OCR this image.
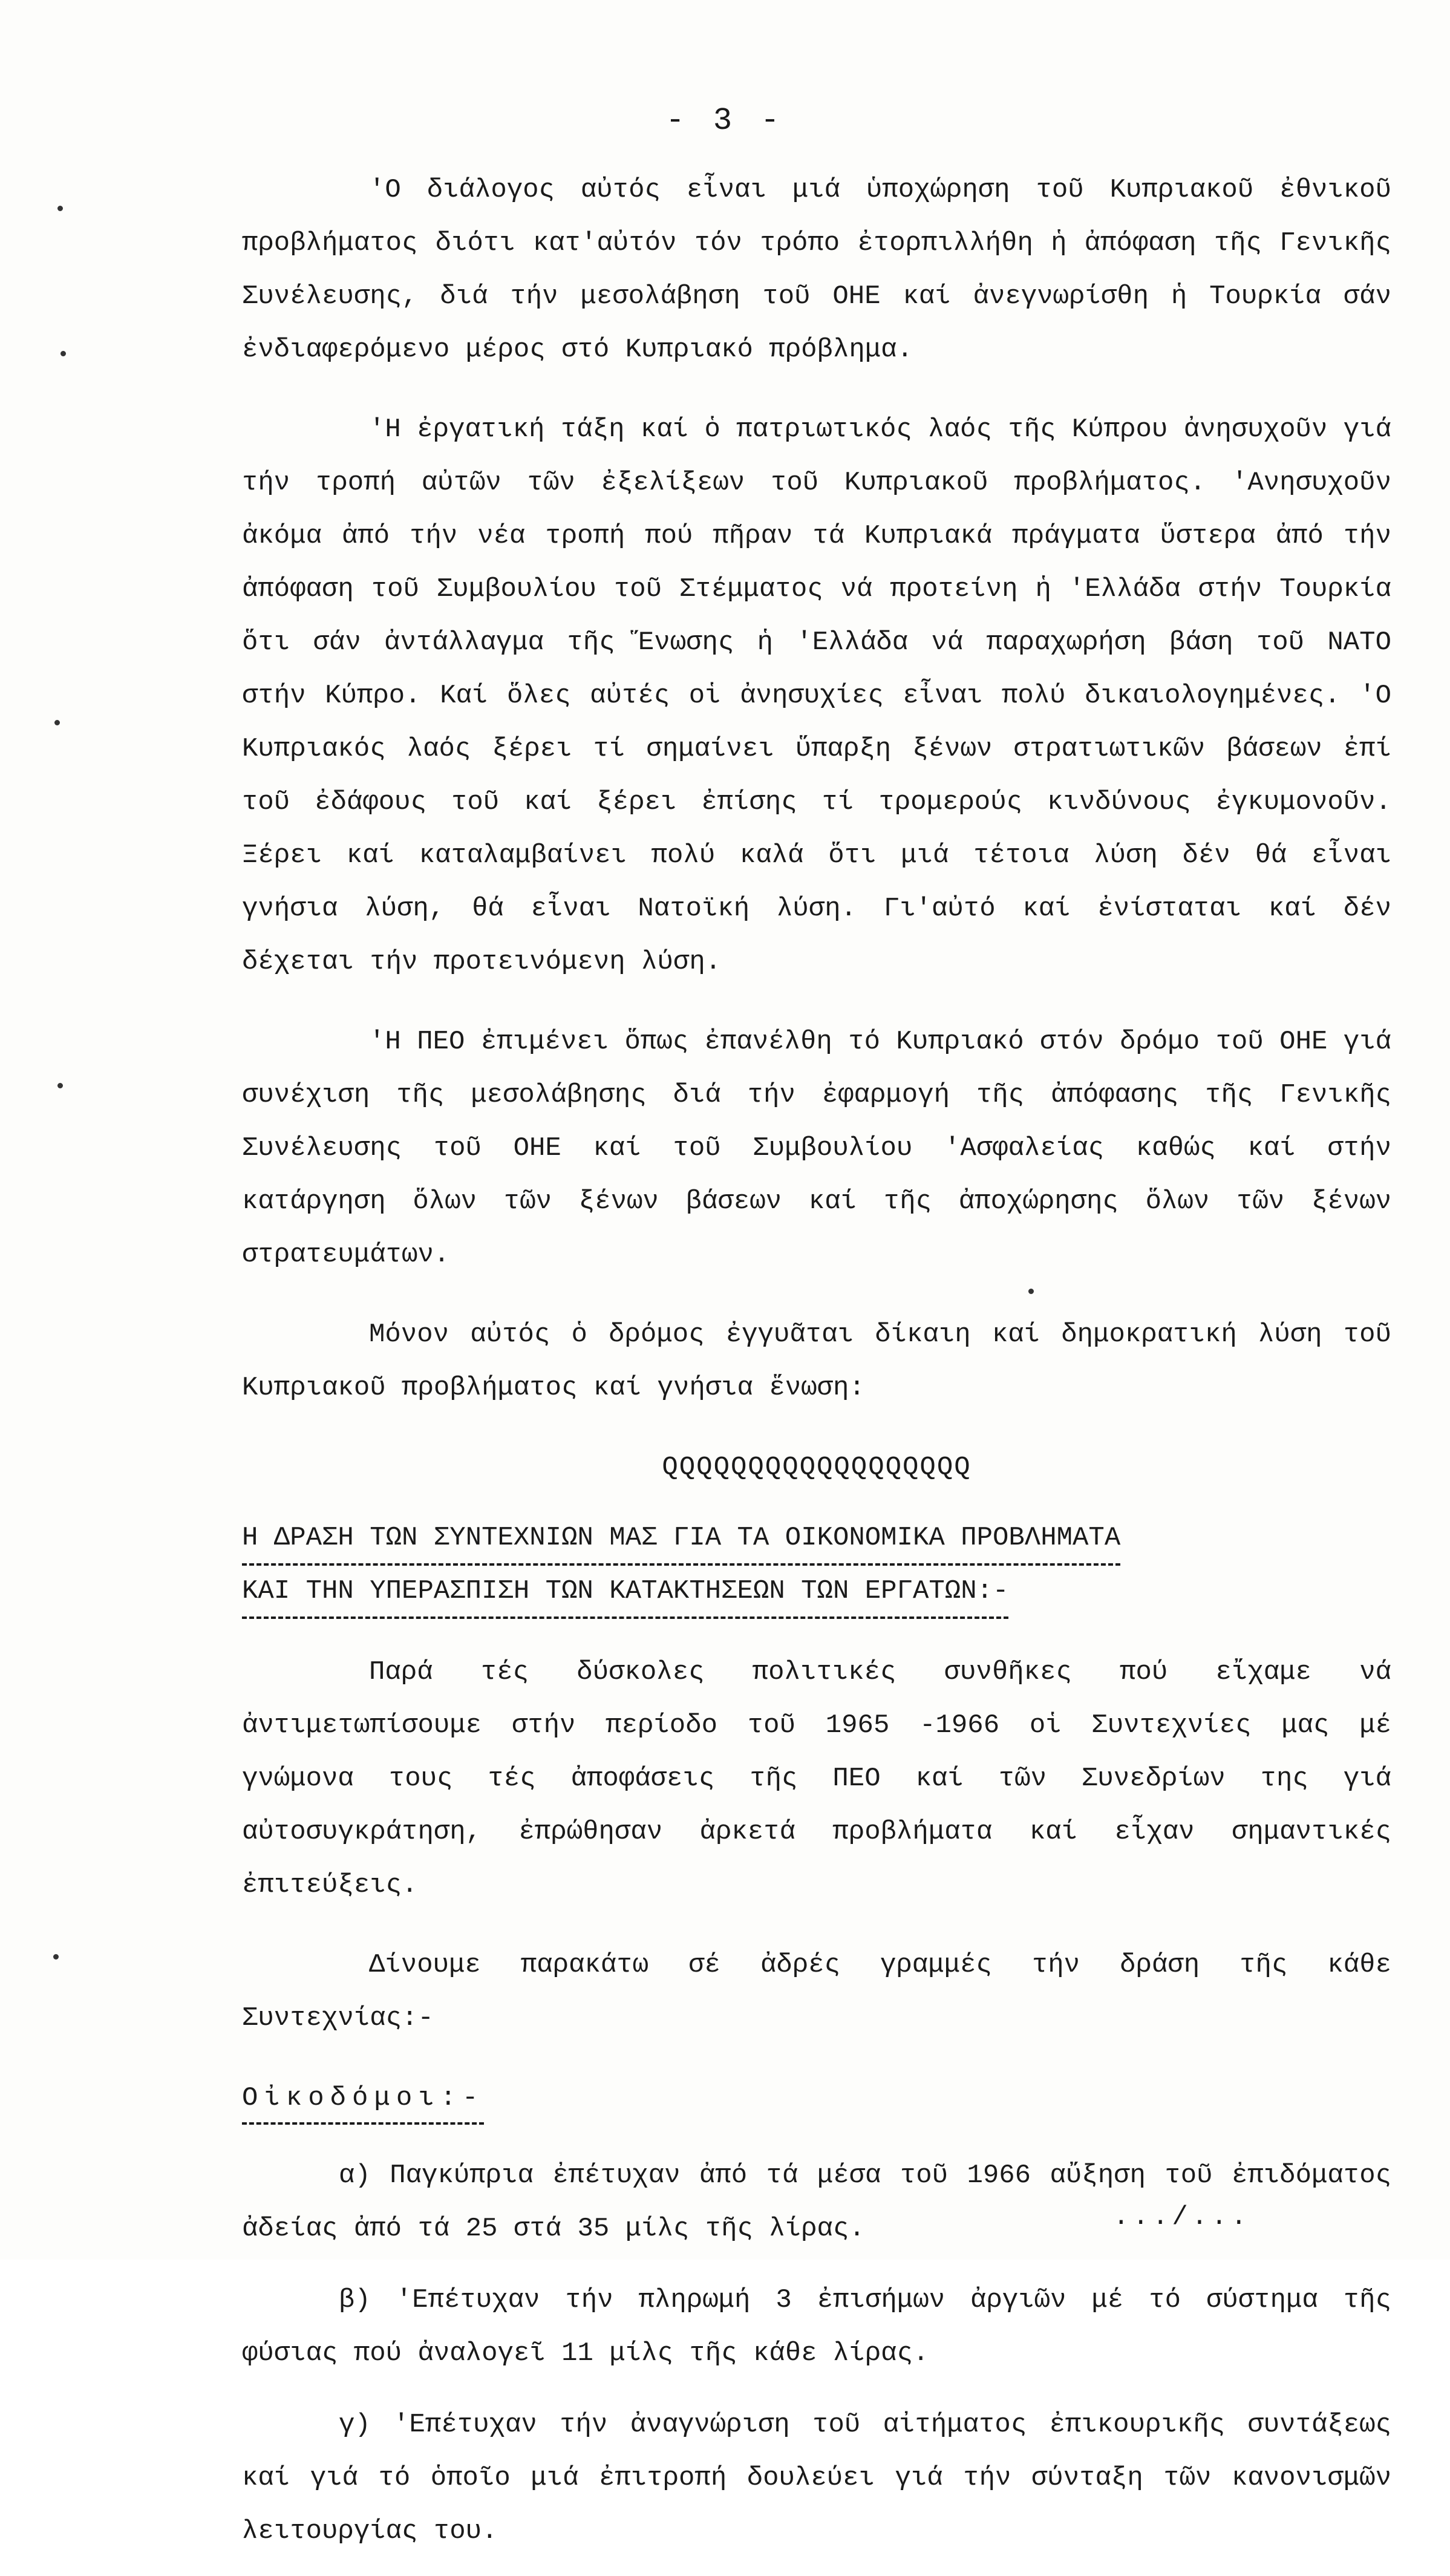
- 3 -

'Ο διάλογος αὐτός εἶναι μιά ὑποχώρηση τοῦ Κυπριακοῦ ἐθνικοῦ προβλήματος διότι κατ'αὐτόν τόν τρόπο ἐτορπιλλήθη ἡ ἀπόφαση τῆς Γενικῆς Συνέλευσης, διά τήν μεσολάβηση τοῦ ΟΗΕ καί ἀνεγνωρίσθη ἡ Τουρκία σάν ἐνδιαφερόμενο μέρος στό Κυπριακό πρόβλημα.

'Η ἐργατική τάξη καί ὁ πατριωτικός λαός τῆς Κύπρου ἀνησυχοῦν γιά τήν τροπή αὐτῶν τῶν ἐξελίξεων τοῦ Κυπριακοῦ προβλήματος. 'Ανησυχοῦν ἀκόμα ἀπό τήν νέα τροπή πού πῆραν τά Κυπριακά πράγματα ὕστερα ἀπό τήν ἀπόφαση τοῦ Συμβουλίου τοῦ Στέμματος νά προτείνη ἡ 'Ελλάδα στήν Τουρκία ὅτι σάν ἀντάλλαγμα τῆς Ἕνωσης ἡ 'Ελλάδα νά παραχωρήση βάση τοῦ ΝΑΤΟ στήν Κύπρο. Καί ὅλες αὐτές οἱ ἀνησυχίες εἶναι πολύ δικαιολογημένες. 'Ο Κυπριακός λαός ξέρει τί σημαίνει ὕπαρξη ξένων στρατιωτικῶν βάσεων ἐπί τοῦ ἐδάφους τοῦ καί ξέρει ἐπίσης τί τρομερούς κινδύνους ἐγκυμονοῦν. Ξέρει καί καταλαμβαίνει πολύ καλά ὅτι μιά τέτοια λύση δέν θά εἶναι γνήσια λύση, θά εἶναι Νατοϊκή λύση. Γι'αὐτό καί ἐνίσταται καί δέν δέχεται τήν προτεινόμενη λύση.

'Η ΠΕΟ ἐπιμένει ὅπως ἐπανέλθη τό Κυπριακό στόν δρόμο τοῦ ΟΗΕ γιά συνέχιση τῆς μεσολάβησης διά τήν ἐφαρμογή τῆς ἀπόφασης τῆς Γενικῆς Συνέλευσης τοῦ ΟΗΕ καί τοῦ Συμβουλίου 'Ασφαλείας καθώς καί στήν κατάργηση ὅλων τῶν ξένων βάσεων καί τῆς ἀποχώρησης ὅλων τῶν ξένων στρατευμάτων.

Μόνον αὐτός ὁ δρόμος ἐγγυᾶται δίκαιη καί δημοκρατική λύση τοῦ Κυπριακοῦ προβλήματος καί γνήσια ἕνωση:

QQQQQQQQQQQQQQQQQQ
Η ΔΡΑΣΗ ΤΩΝ ΣΥΝΤΕΧΝΙΩΝ ΜΑΣ ΓΙΑ ΤΑ ΟΙΚΟΝΟΜΙΚΑ ΠΡΟΒΛΗΜΑΤΑ
ΚΑΙ ΤΗΝ ΥΠΕΡΑΣΠΙΣΗ ΤΩΝ ΚΑΤΑΚΤΗΣΕΩΝ ΤΩΝ ΕΡΓΑΤΩΝ:-

Παρά τές δύσκολες πολιτικές συνθῆκες πού εἴχαμε νά ἀντιμετωπίσουμε στήν περίοδο τοῦ 1965 -1966 οἱ Συντεχνίες μας μέ γνώμονα τους τές ἀποφάσεις τῆς ΠΕΟ καί τῶν Συνεδρίων της γιά αὐτοσυγκράτηση, ἐπρώθησαν ἀρκετά προβλήματα καί εἶχαν σημαντικές ἐπιτεύξεις.

Δίνουμε παρακάτω σέ ἀδρές γραμμές τήν δράση τῆς κάθε Συντεχνίας:-

Οἰκοδόμοι:-

α) Παγκύπρια ἐπέτυχαν ἀπό τά μέσα τοῦ 1966 αὔξηση τοῦ ἐπιδόματος ἀδείας ἀπό τά 25 στά 35 μίλς τῆς λίρας.

β) 'Επέτυχαν τήν πληρωμή 3 ἐπισήμων ἀργιῶν μέ τό σύστημα τῆς φύσιας πού ἀναλογεῖ 11 μίλς τῆς κάθε λίρας.

γ) 'Επέτυχαν τήν ἀναγνώριση τοῦ αἰτήματος ἐπικουρικῆς συντάξεως καί γιά τό ὁποῖο μιά ἐπιτροπή δουλεύει γιά τήν σύνταξη τῶν κανονισμῶν λειτουργίας του.

.../...
